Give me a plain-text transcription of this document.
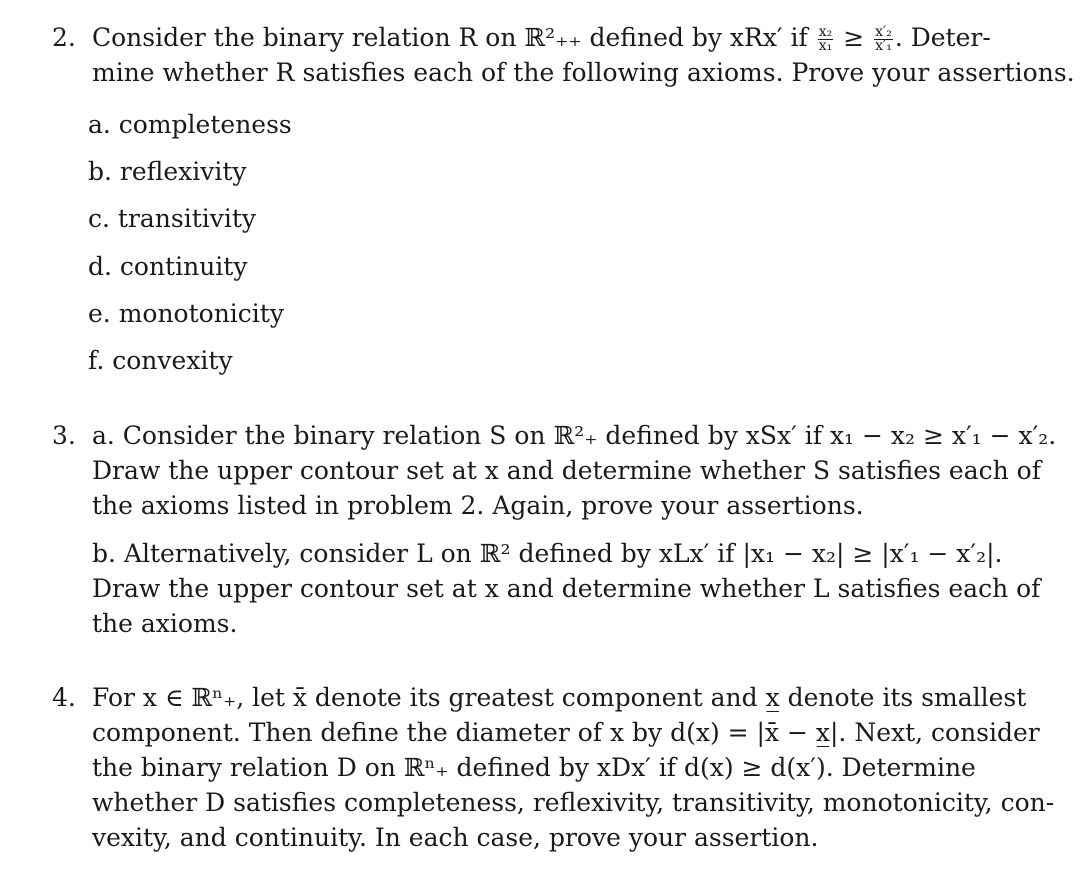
2. Consider the binary relation R on ℝ²₊₊ defined by xRx′ if $\frac{\text{x₂}}{\text{x₁}} \ge \frac{\text{x′₂}}{\text{x′₁}}$ . Deter-
mine whether R satisfies each of the following axioms. Prove your assertions.
a. completeness
b. reflexivity
c. transitivity
d. continuity
e. monotonicity
f. convexity
3. a. Consider the binary relation S on ℝ²₊ defined by xSx′ if x₁ − x₂ ≥ x′₁ − x′₂.
Draw the upper contour set at x and determine whether S satisfies each of
the axioms listed in problem 2. Again, prove your assertions.
b. Alternatively, consider L on ℝ² defined by xLx′ if |x₁ − x₂| ≥ |x′₁ − x′₂|.
Draw the upper contour set at x and determine whether L satisfies each of
the axioms.
4. For x ∈ ℝⁿ₊, let x̄ denote its greatest component and x̲ denote its smallest
component. Then define the diameter of x by d(x) = |x̄ − x̲|. Next, consider
the binary relation D on ℝⁿ₊ defined by xDx′ if d(x) ≥ d(x′). Determine
whether D satisfies completeness, reflexivity, transitivity, monotonicity, con-
vexity, and continuity. In each case, prove your assertion.
